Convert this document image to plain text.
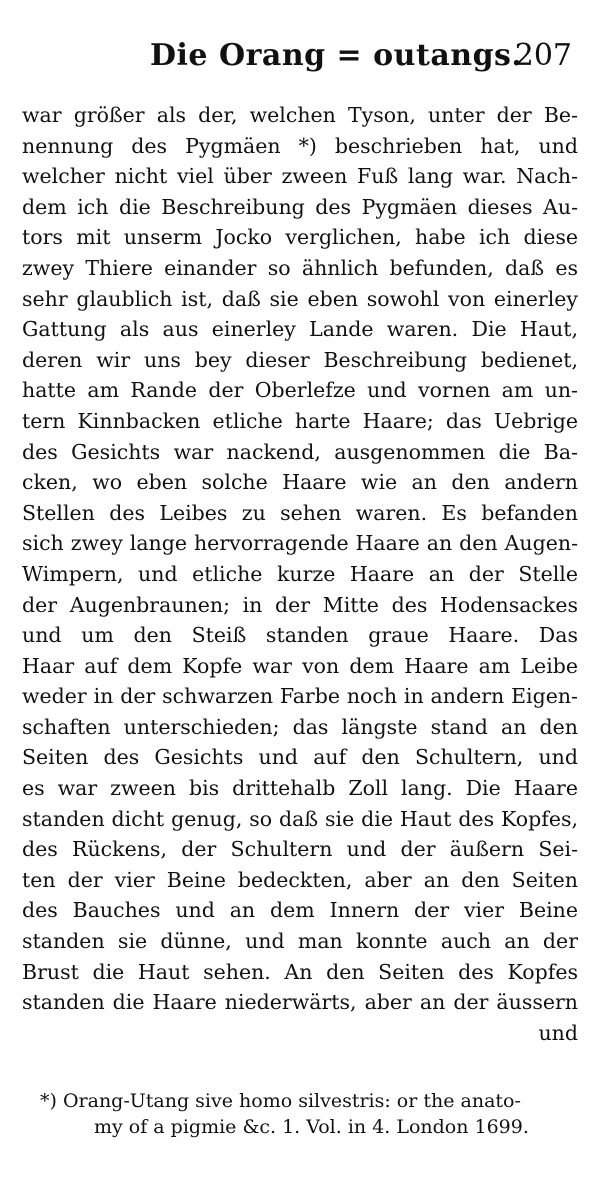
Die Orang = outangs.
207
war größer als der, welchen Tyson, unter der Be-
nennung des Pygmäen *) beschrieben hat, und
welcher nicht viel über zween Fuß lang war. Nach-
dem ich die Beschreibung des Pygmäen dieses Au-
tors mit unserm Jocko verglichen, habe ich diese
zwey Thiere einander so ähnlich befunden, daß es
sehr glaublich ist, daß sie eben sowohl von einerley
Gattung als aus einerley Lande waren. Die Haut,
deren wir uns bey dieser Beschreibung bedienet,
hatte am Rande der Oberlefze und vornen am un-
tern Kinnbacken etliche harte Haare; das Uebrige
des Gesichts war nackend, ausgenommen die Ba-
cken, wo eben solche Haare wie an den andern
Stellen des Leibes zu sehen waren. Es befanden
sich zwey lange hervorragende Haare an den Augen-
Wimpern, und etliche kurze Haare an der Stelle
der Augenbraunen; in der Mitte des Hodensackes
und um den Steiß standen graue Haare. Das
Haar auf dem Kopfe war von dem Haare am Leibe
weder in der schwarzen Farbe noch in andern Eigen-
schaften unterschieden; das längste stand an den
Seiten des Gesichts und auf den Schultern, und
es war zween bis drittehalb Zoll lang. Die Haare
standen dicht genug, so daß sie die Haut des Kopfes,
des Rückens, der Schultern und der äußern Sei-
ten der vier Beine bedeckten, aber an den Seiten
des Bauches und an dem Innern der vier Beine
standen sie dünne, und man konnte auch an der
Brust die Haut sehen. An den Seiten des Kopfes
standen die Haare niederwärts, aber an der äussern
und
*) Orang-Utang sive homo silvestris: or the anato-
my of a pigmie &c. 1. Vol. in 4. London 1699.
